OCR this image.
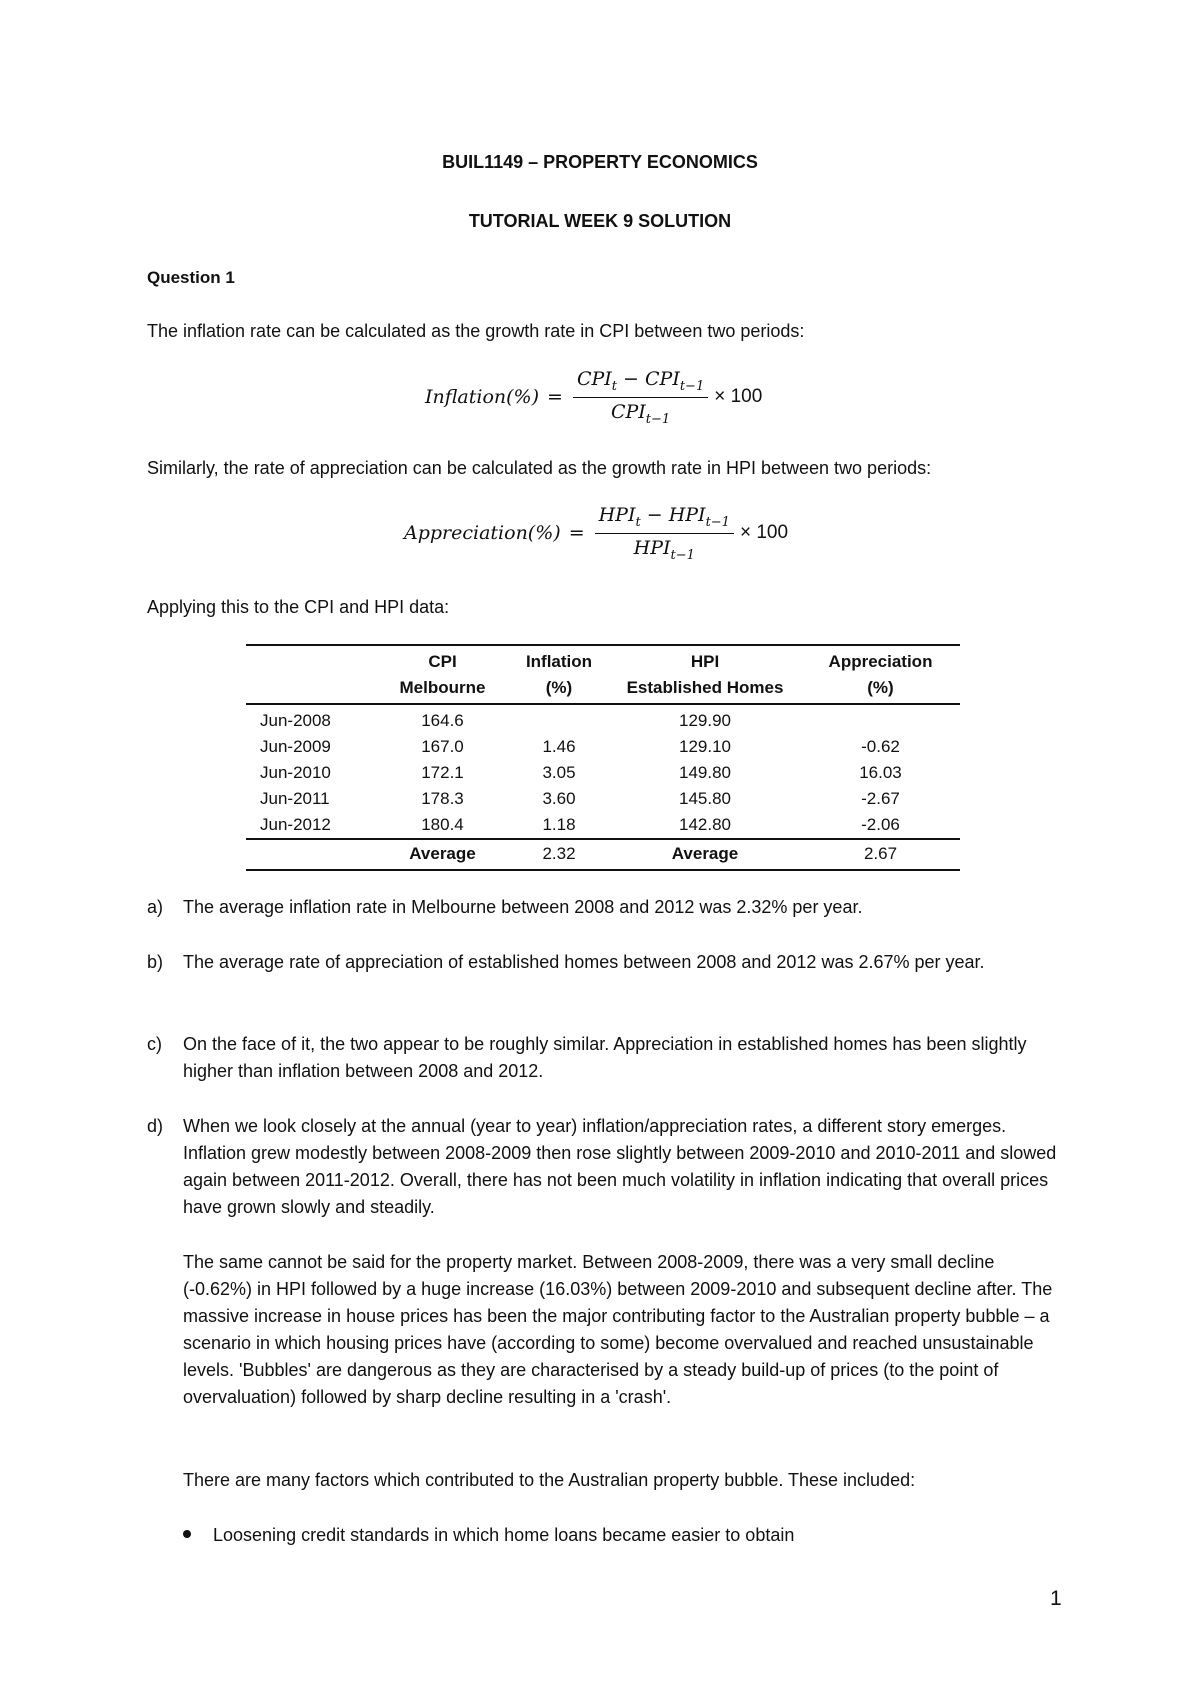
BUIL1149 – PROPERTY ECONOMICS
TUTORIAL WEEK 9 SOLUTION
Question 1
The inflation rate can be calculated as the growth rate in CPI between two periods:
Inflation(%) = $\frac{CPI_t - CPI_{t-1}}{CPI_{t-1}} \times 100$
Similarly, the rate of appreciation can be calculated as the growth rate in HPI between two periods:
Appreciation(%) = $\frac{HPI_t - HPI_{t-1}}{HPI_{t-1}} \times 100$
Applying this to the CPI and HPI data:
	CPI	Inflation	HPI	Appreciation
	Melbourne	(%)	Established Homes	(%)
Jun-2008	164.6		129.90	
Jun-2009	167.0	1.46	129.10	-0.62
Jun-2010	172.1	3.05	149.80	16.03
Jun-2011	178.3	3.60	145.80	-2.67
Jun-2012	180.4	1.18	142.80	-2.06
	Average	2.32	Average	2.67
a) The average inflation rate in Melbourne between 2008 and 2012 was 2.32% per year.
b) The average rate of appreciation of established homes between 2008 and 2012 was 2.67% per year.
c) On the face of it, the two appear to be roughly similar. Appreciation in established homes has been slightly higher than inflation between 2008 and 2012.
d) When we look closely at the annual (year to year) inflation/appreciation rates, a different story emerges. Inflation grew modestly between 2008-2009 then rose slightly between 2009-2010 and 2010-2011 and slowed again between 2011-2012. Overall, there has not been much volatility in inflation indicating that overall prices have grown slowly and steadily.
The same cannot be said for the property market. Between 2008-2009, there was a very small decline (-0.62%) in HPI followed by a huge increase (16.03%) between 2009-2010 and subsequent decline after. The massive increase in house prices has been the major contributing factor to the Australian property bubble – a scenario in which housing prices have (according to some) become overvalued and reached unsustainable levels. 'Bubbles' are dangerous as they are characterised by a steady build-up of prices (to the point of overvaluation) followed by sharp decline resulting in a 'crash'.
There are many factors which contributed to the Australian property bubble. These included:
Loosening credit standards in which home loans became easier to obtain
1
